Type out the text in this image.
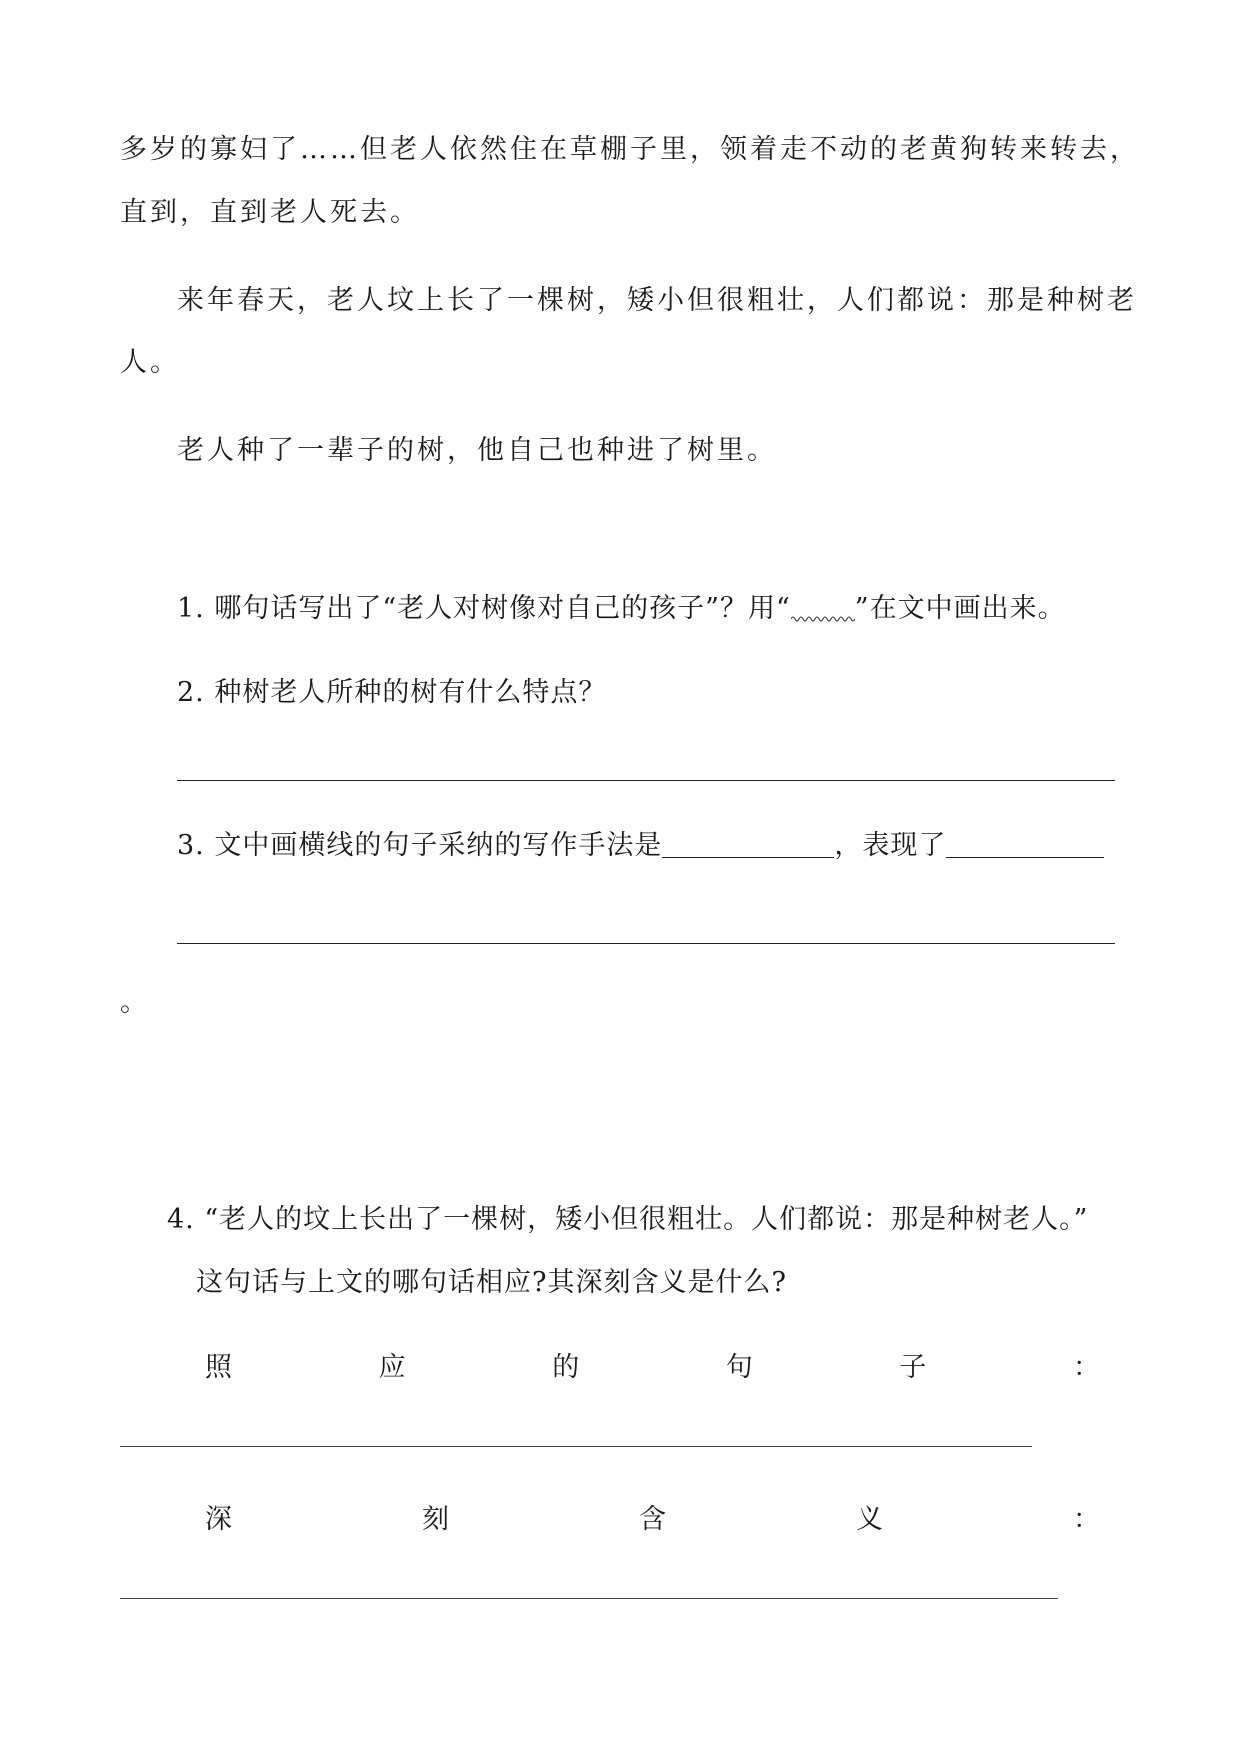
多岁的寡妇了……但老人依然住在草棚子里，领着走不动的老黄狗转来转去，
直到，直到老人死去。
来年春天，老人坟上长了一棵树，矮小但很粗壮，人们都说：那是种树老
人。
老人种了一辈子的树，他自己也种进了树里。
1. 哪句话写出了“老人对树像对自己的孩子”？用“ ”在文中画出来。
2. 种树老人所种的树有什么特点？
3. 文中画横线的句子采纳的写作手法是	，表现了
。
4. “老人的坟上长出了一棵树，矮小但很粗壮。人们都说：那是种树老人。”
这句话与上文的哪句话相应?其深刻含义是什么?
照	应	的	句	子	：
深	刻	含	义	：
